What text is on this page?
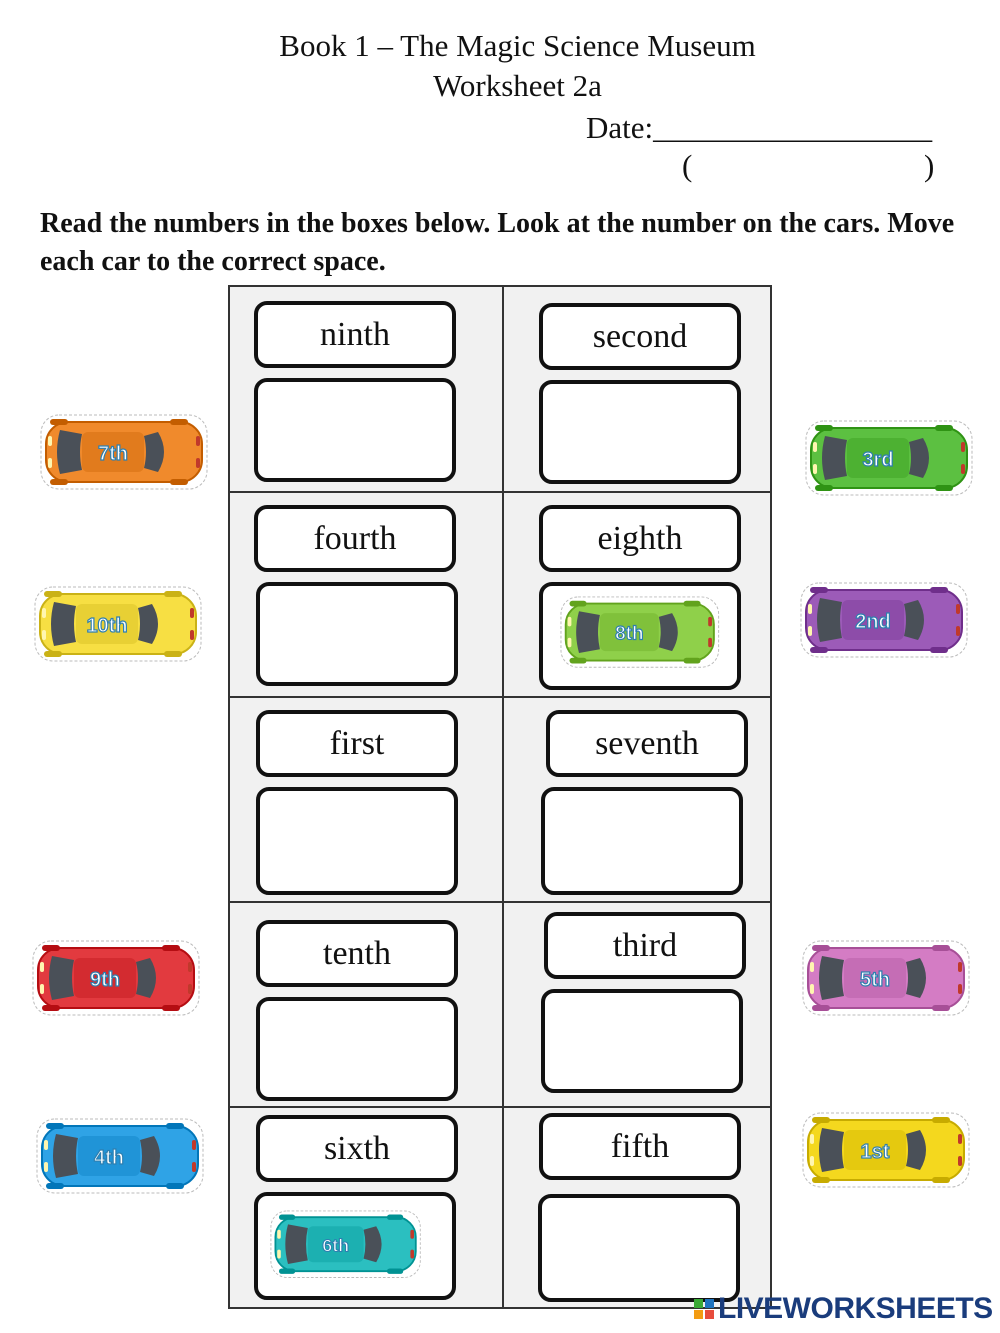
Book 1 – The Magic Science Museum
Worksheet 2a
Date:__________________
(	)
Read the numbers in the boxes below. Look at the number on the cars. Move each car to the correct space.
ninth	second
fourth	eighth
first	seventh
tenth	third
sixth	fifth
7th	3rd
10th	2nd
9th	5th
4th	1st
8th
6th
LIVEWORKSHEETS
